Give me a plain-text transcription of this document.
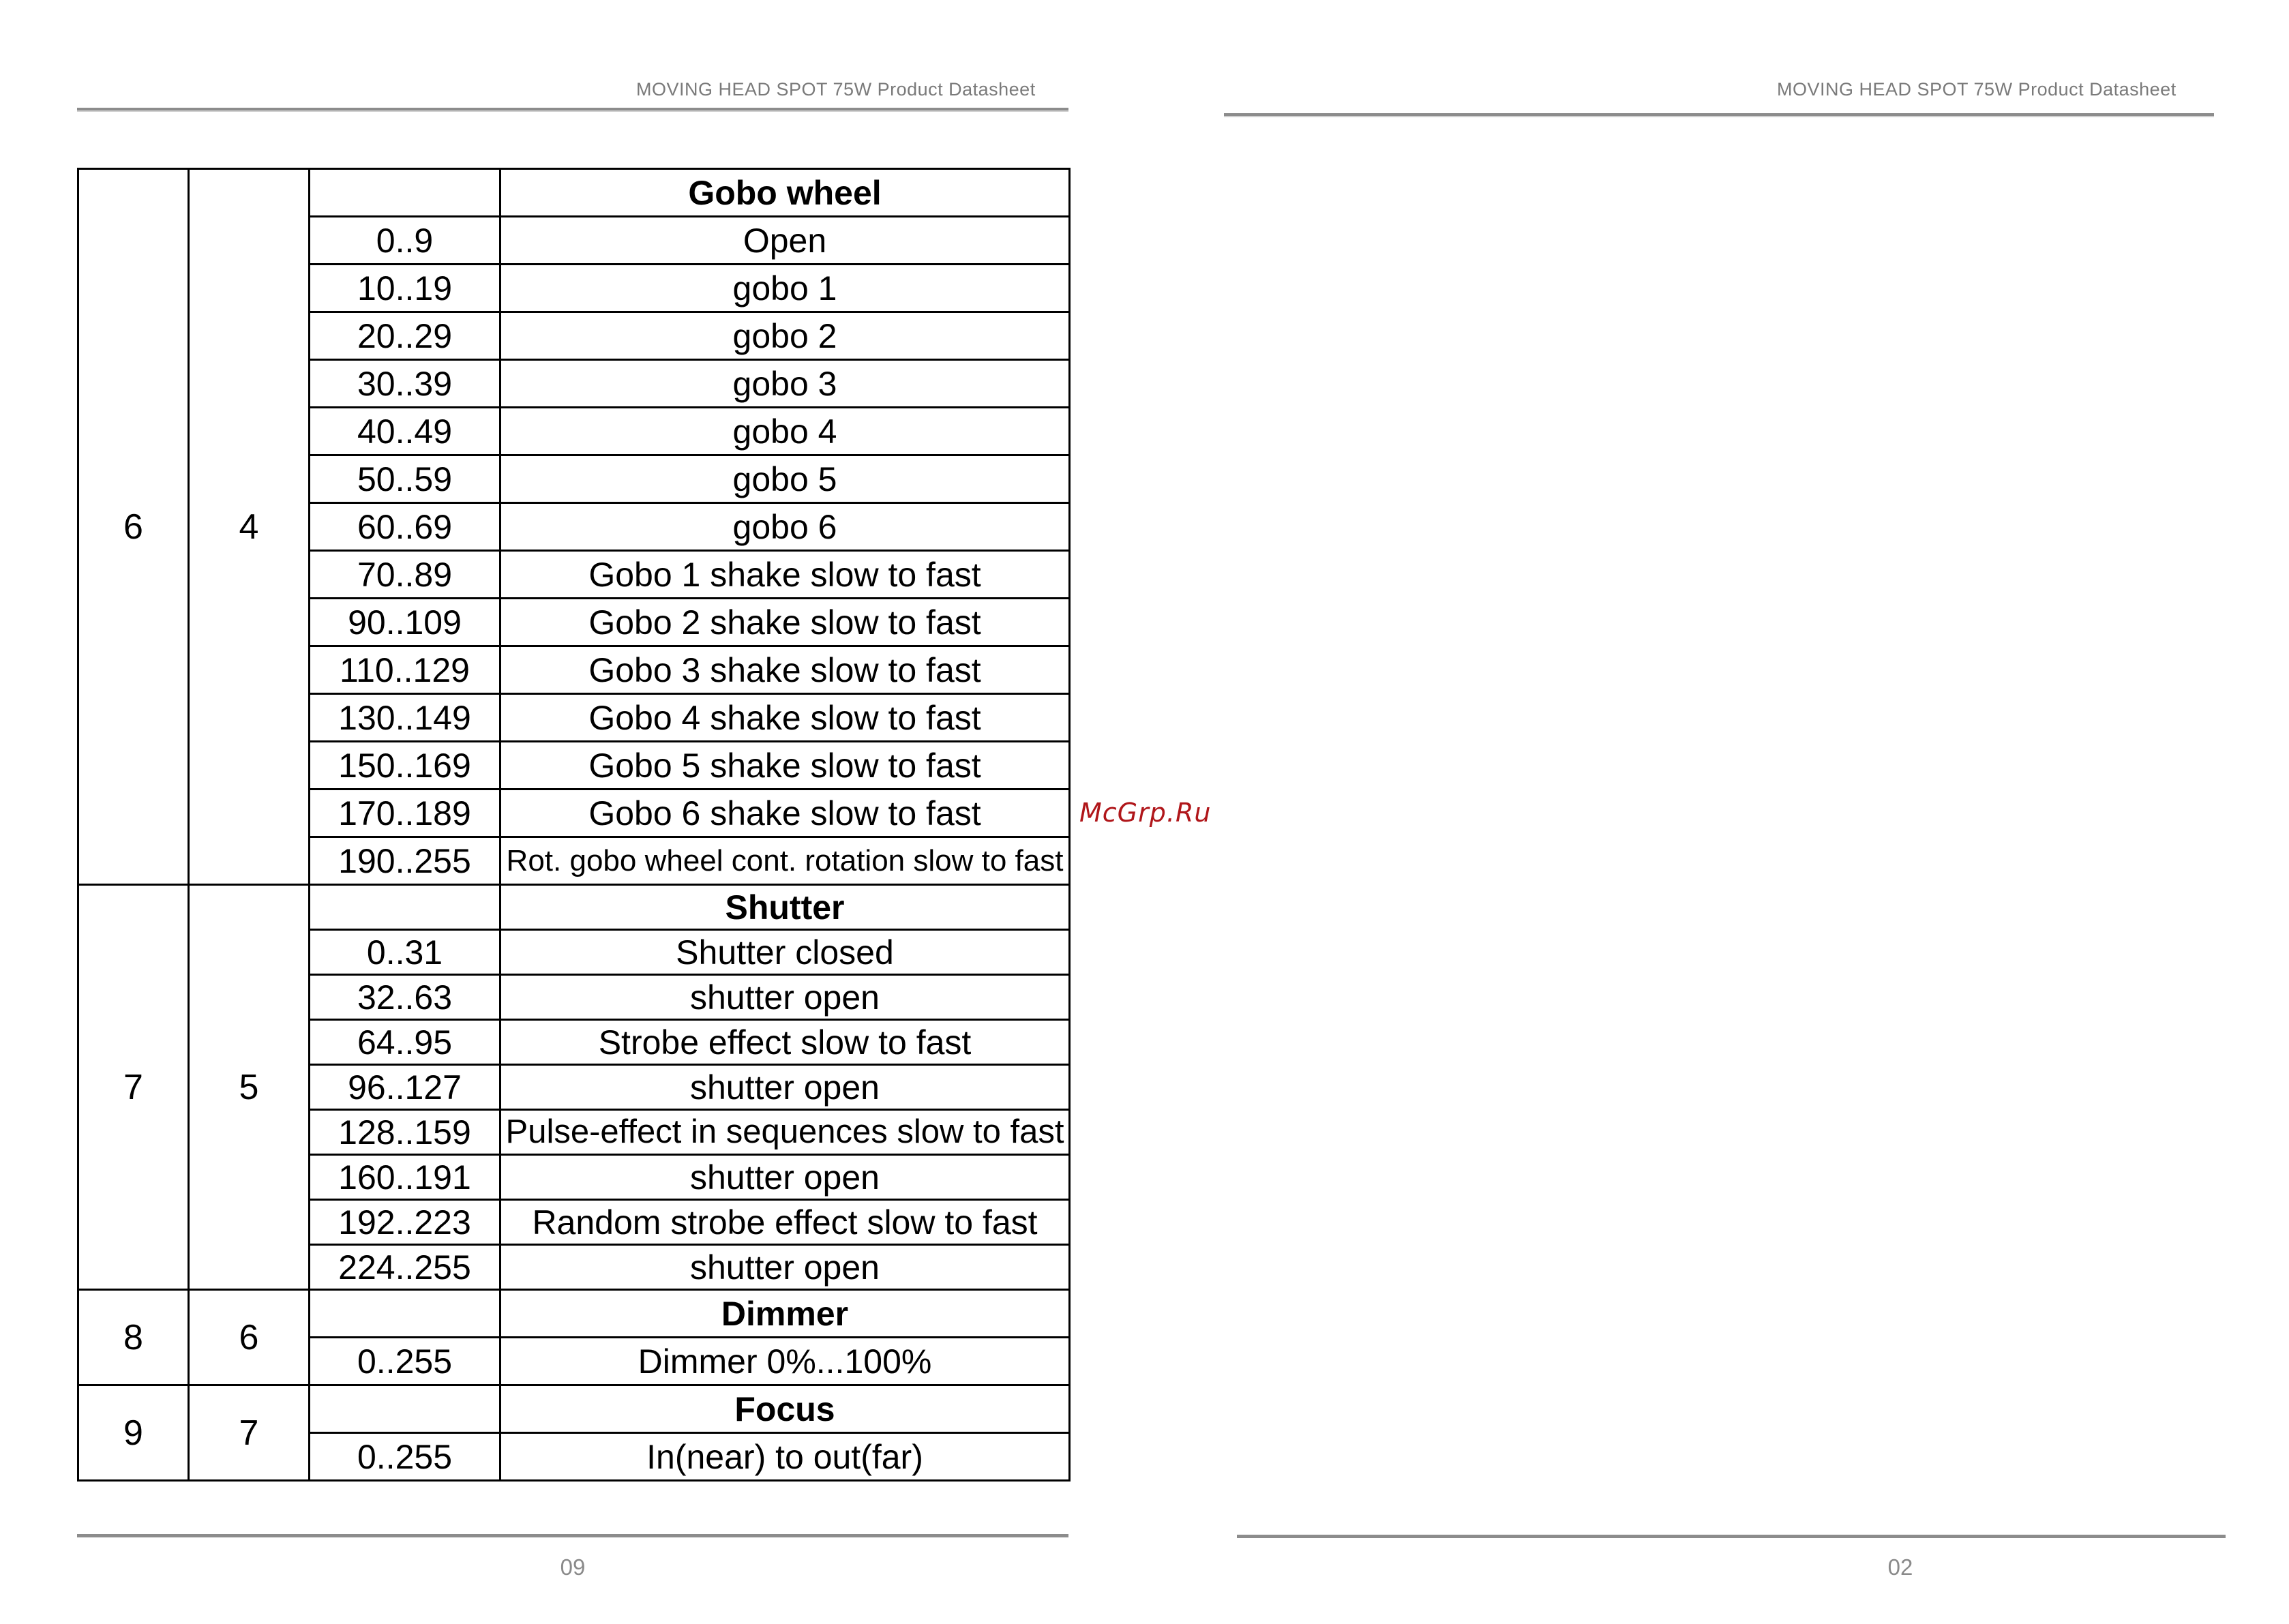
MOVING HEAD SPOT 75W Product Datasheet
6	4		Gobo wheel
		0..9	Open
		10..19	gobo 1
		20..29	gobo 2
		30..39	gobo 3
		40..49	gobo 4
		50..59	gobo 5
		60..69	gobo 6
		70..89	Gobo 1 shake slow to fast
		90..109	Gobo 2 shake slow to fast
		110..129	Gobo 3 shake slow to fast
		130..149	Gobo 4 shake slow to fast
		150..169	Gobo 5 shake slow to fast
		170..189	Gobo 6 shake slow to fast
		190..255	Rot. gobo wheel cont. rotation slow to fast
7	5		Shutter
		0..31	Shutter closed
		32..63	shutter open
		64..95	Strobe effect slow to fast
		96..127	shutter open
		128..159	Pulse-effect in sequences slow to fast
		160..191	shutter open
		192..223	Random strobe effect slow to fast
		224..255	shutter open
8	6		Dimmer
		0..255	Dimmer 0%...100%
9	7		Focus
		0..255	In(near) to out(far)
09
McGrp.Ru
MOVING HEAD SPOT 75W Product Datasheet
02
